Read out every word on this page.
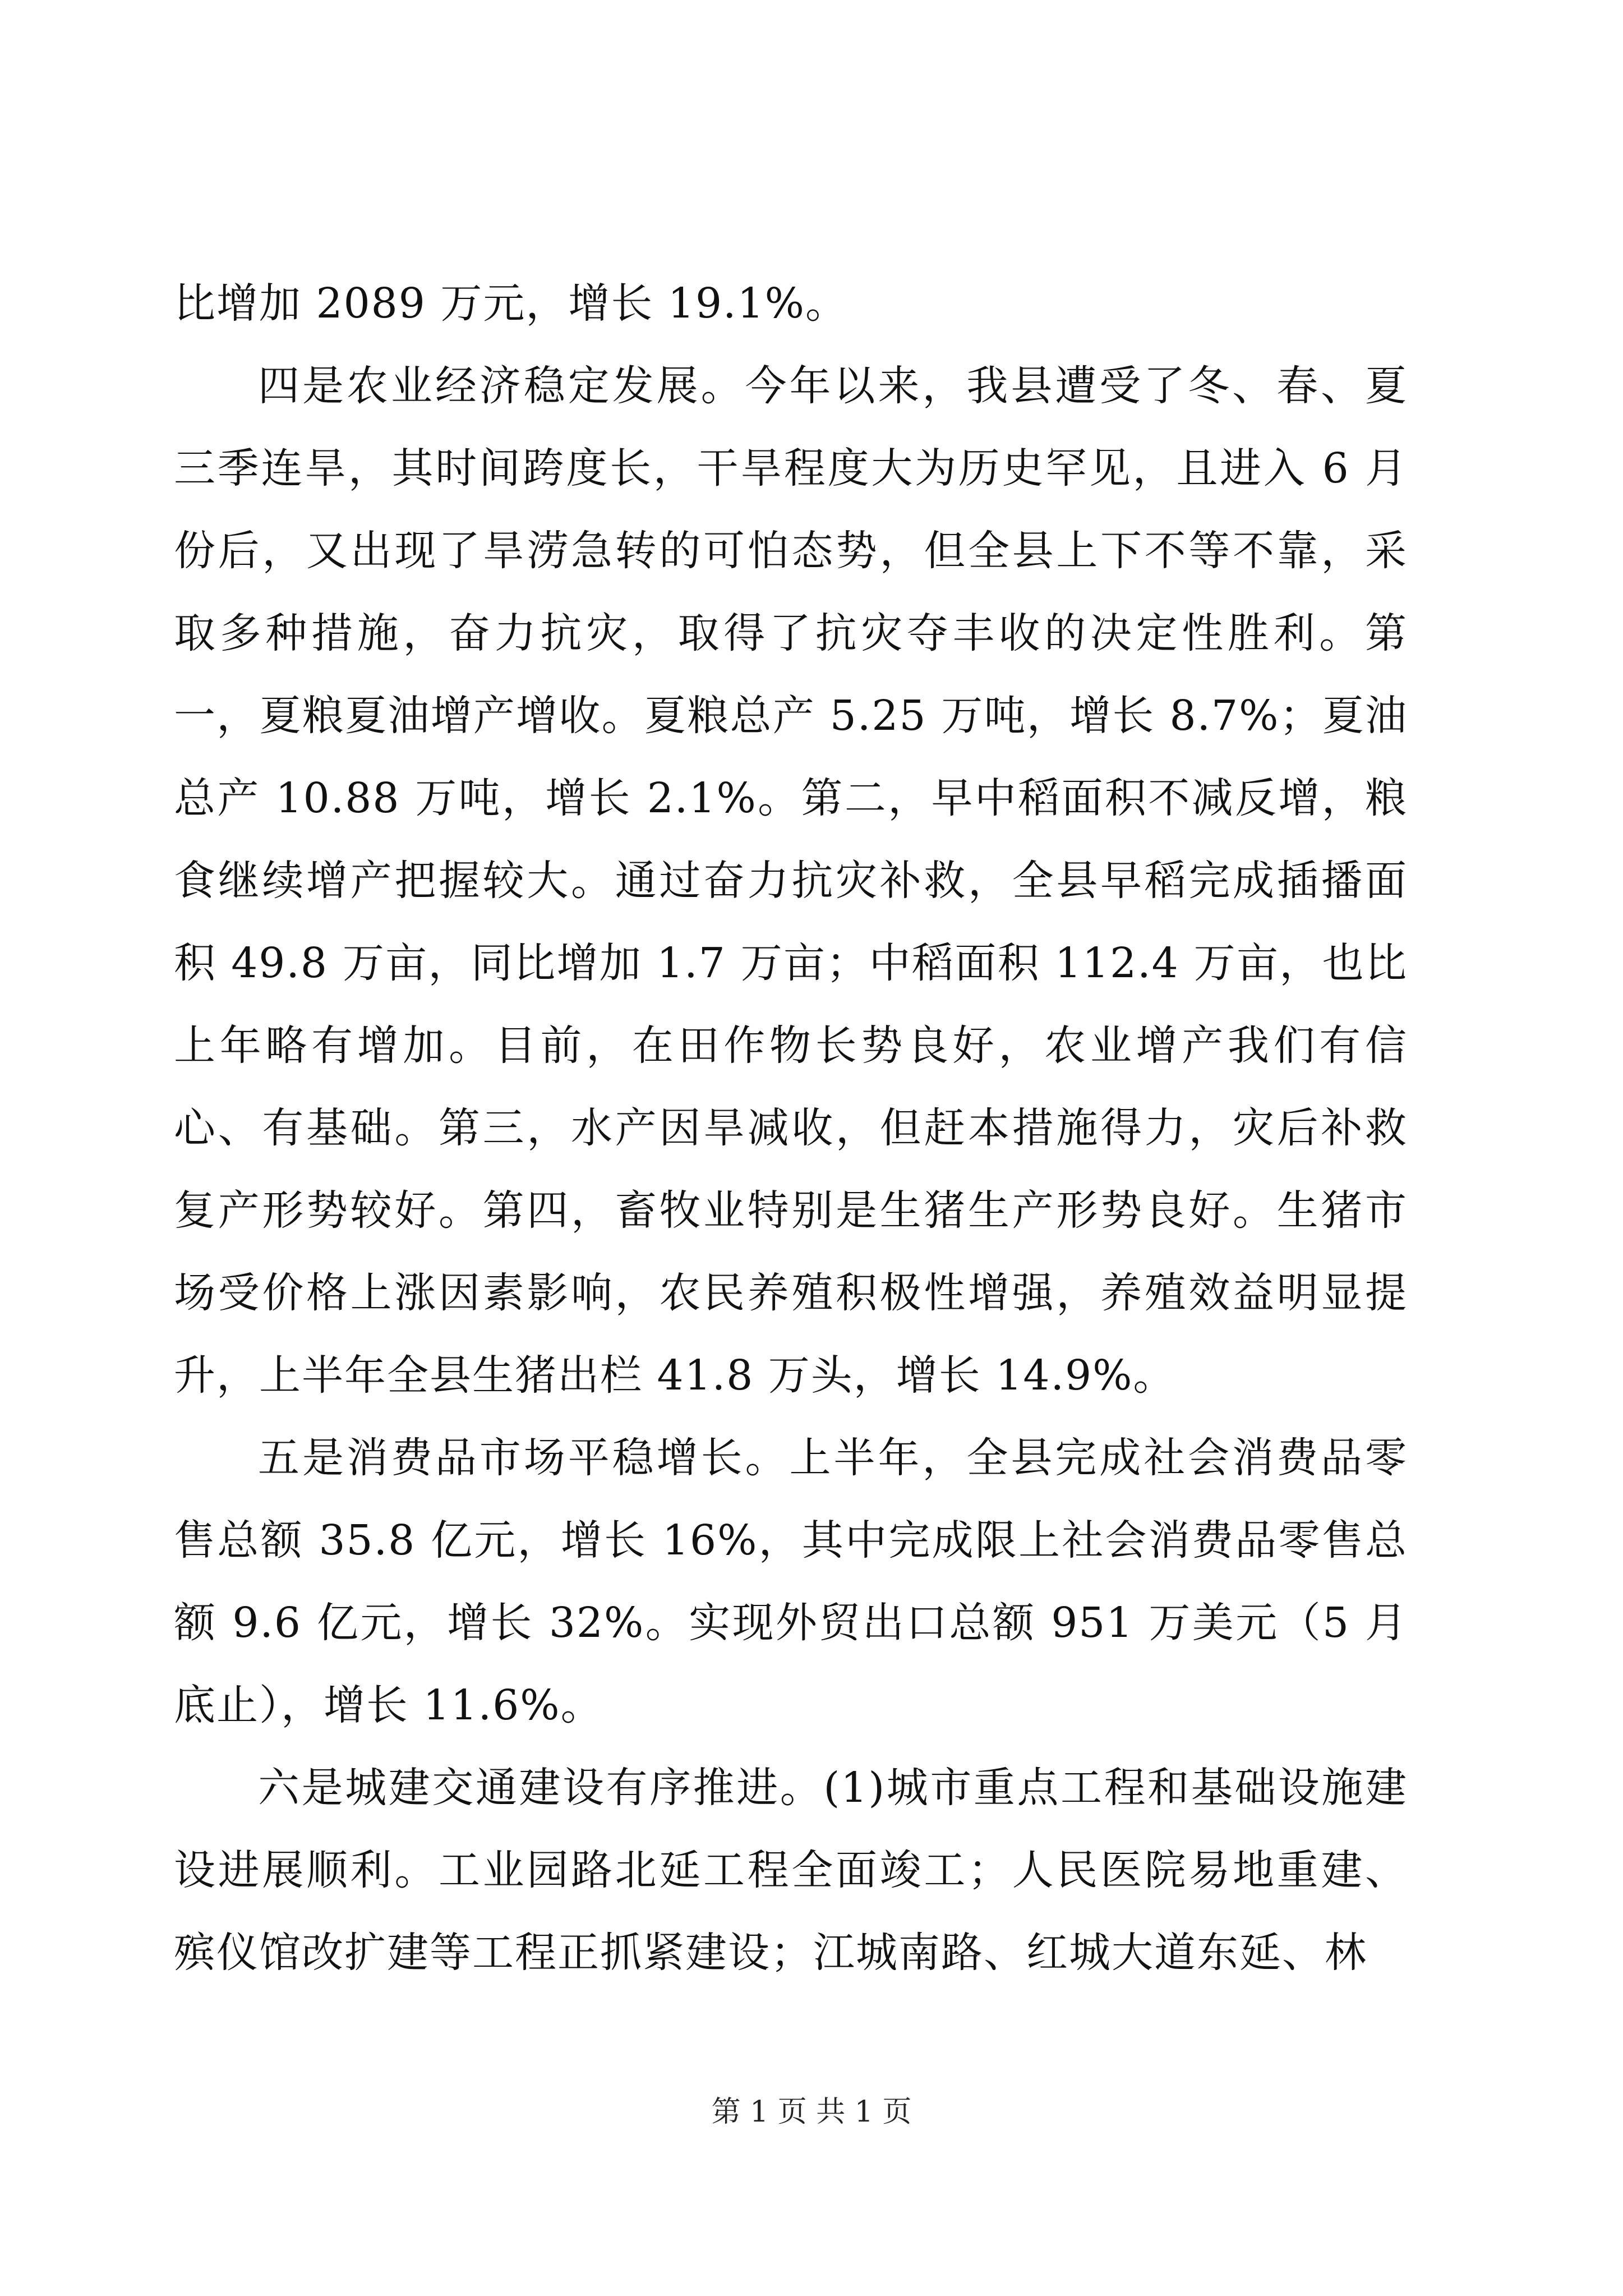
比增加 2089 万元，增长 19.1%。

四是农业经济稳定发展。今年以来，我县遭受了冬、春、夏三季连旱，其时间跨度长，干旱程度大为历史罕见，且进入 6 月份后，又出现了旱涝急转的可怕态势，但全县上下不等不靠，采取多种措施，奋力抗灾，取得了抗灾夺丰收的决定性胜利。第一，夏粮夏油增产增收。夏粮总产 5.25 万吨，增长 8.7%；夏油总产 10.88 万吨，增长 2.1%。第二，早中稻面积不减反增，粮食继续增产把握较大。通过奋力抗灾补救，全县早稻完成插播面积 49.8 万亩，同比增加 1.7 万亩；中稻面积 112.4 万亩，也比上年略有增加。目前，在田作物长势良好，农业增产我们有信心、有基础。第三，水产因旱减收，但赶本措施得力，灾后补救复产形势较好。第四，畜牧业特别是生猪生产形势良好。生猪市场受价格上涨因素影响，农民养殖积极性增强，养殖效益明显提升，上半年全县生猪出栏 41.8 万头，增长 14.9%。

五是消费品市场平稳增长。上半年，全县完成社会消费品零售总额 35.8 亿元，增长 16%，其中完成限上社会消费品零售总额 9.6 亿元，增长 32%。实现外贸出口总额 951 万美元（5 月底止），增长 11.6%。

六是城建交通建设有序推进。(1)城市重点工程和基础设施建设进展顺利。工业园路北延工程全面竣工；人民医院易地重建、殡仪馆改扩建等工程正抓紧建设；江城南路、红城大道东延、林

第 1 页 共 1 页
